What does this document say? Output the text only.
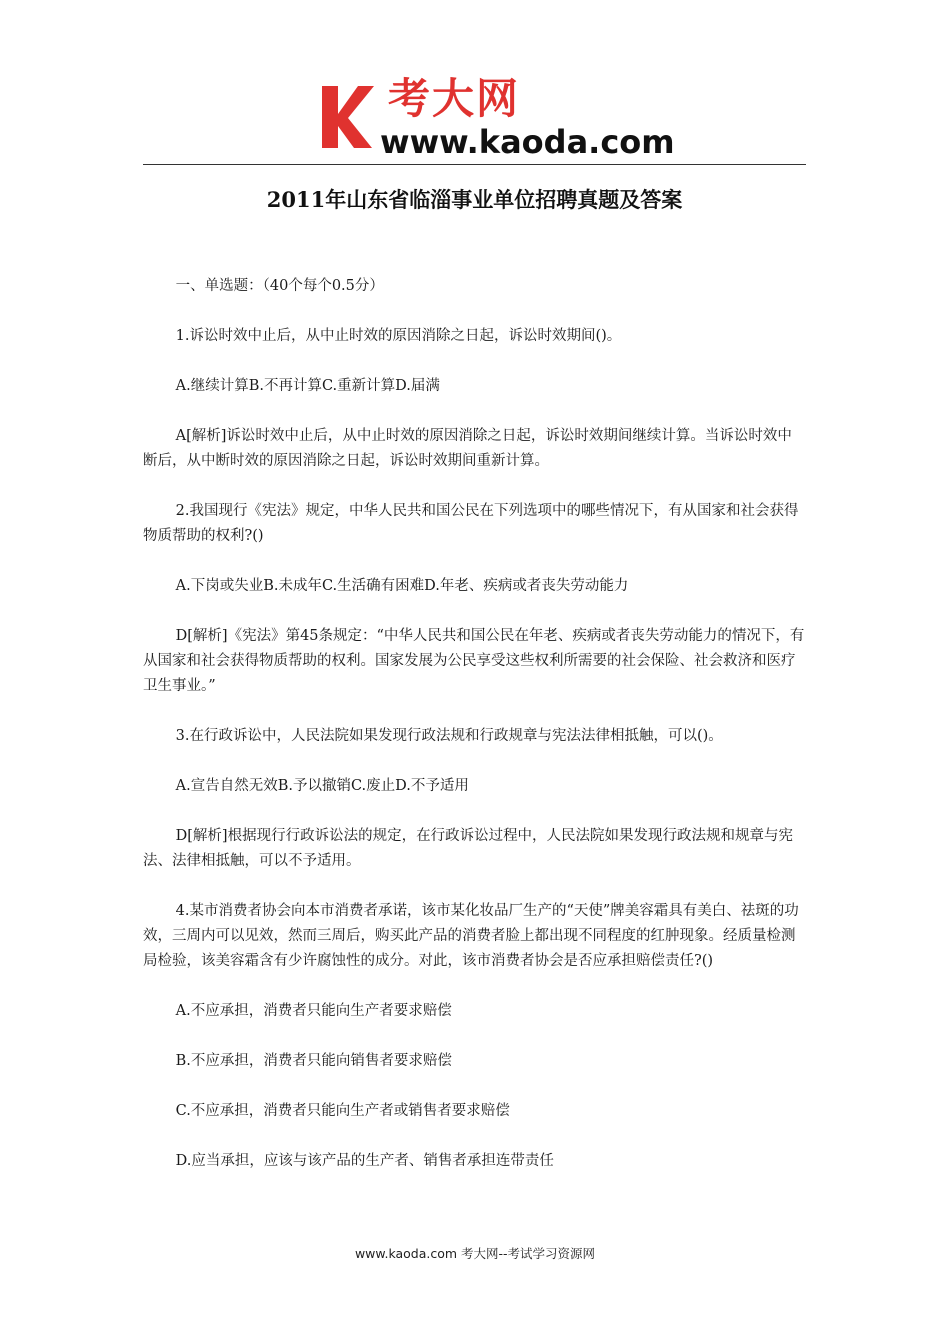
考大网
www.kaoda.com
2011年山东省临淄事业单位招聘真题及答案

一、单选题：（40个每个0.5分）

1.诉讼时效中止后，从中止时效的原因消除之日起，诉讼时效期间()。

A.继续计算B.不再计算C.重新计算D.届满

A[解析]诉讼时效中止后，从中止时效的原因消除之日起，诉讼时效期间继续计算。当诉讼时效中断后，从中断时效的原因消除之日起，诉讼时效期间重新计算。

2.我国现行《宪法》规定，中华人民共和国公民在下列选项中的哪些情况下，有从国家和社会获得物质帮助的权利?()

A.下岗或失业B.未成年C.生活确有困难D.年老、疾病或者丧失劳动能力

D[解析]《宪法》第45条规定：“中华人民共和国公民在年老、疾病或者丧失劳动能力的情况下，有从国家和社会获得物质帮助的权利。国家发展为公民享受这些权利所需要的社会保险、社会救济和医疗卫生事业。”

3.在行政诉讼中，人民法院如果发现行政法规和行政规章与宪法法律相抵触，可以()。

A.宣告自然无效B.予以撤销C.废止D.不予适用

D[解析]根据现行行政诉讼法的规定，在行政诉讼过程中，人民法院如果发现行政法规和规章与宪法、法律相抵触，可以不予适用。

4.某市消费者协会向本市消费者承诺，该市某化妆品厂生产的“天使”牌美容霜具有美白、祛斑的功效，三周内可以见效，然而三周后，购买此产品的消费者脸上都出现不同程度的红肿现象。经质量检测局检验，该美容霜含有少许腐蚀性的成分。对此，该市消费者协会是否应承担赔偿责任?()

A.不应承担，消费者只能向生产者要求赔偿

B.不应承担，消费者只能向销售者要求赔偿

C.不应承担，消费者只能向生产者或销售者要求赔偿

D.应当承担，应该与该产品的生产者、销售者承担连带责任

www.kaoda.com 考大网--考试学习资源网
